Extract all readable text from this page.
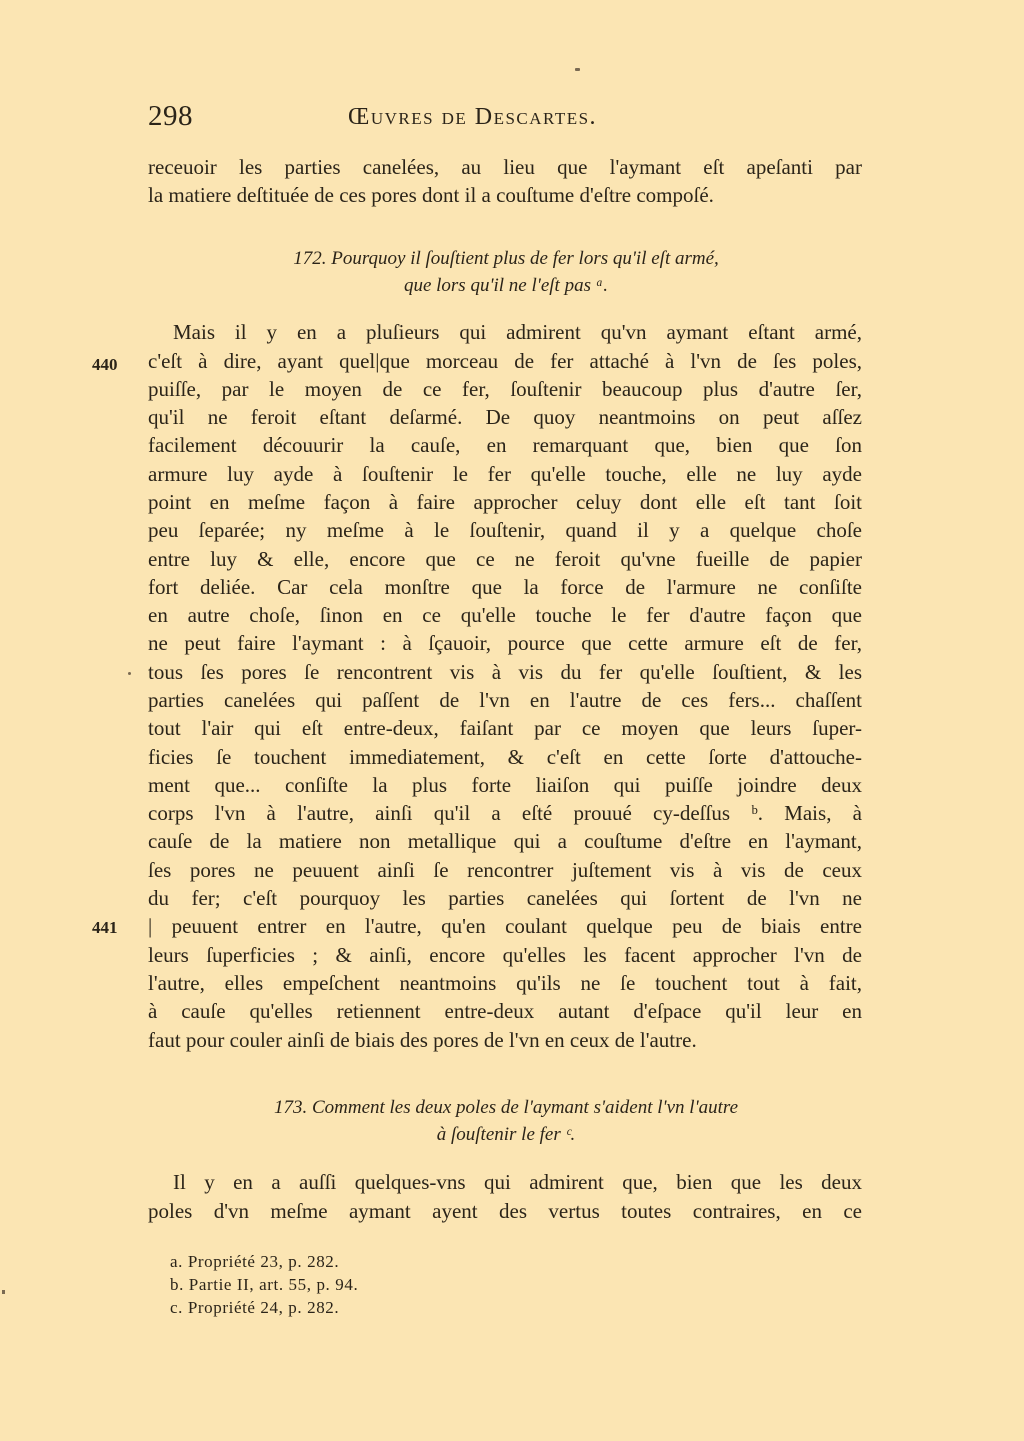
298	Œuvres de Descartes.
receuoir les parties canelées, au lieu que l'aymant eſt apeſanti par
la matiere deſtituée de ces pores dont il a couſtume d'eſtre compoſé.
172. Pourquoy il ſouſtient plus de fer lors qu'il eſt armé,
que lors qu'il ne l'eſt pas ᵃ.
Mais il y en a pluſieurs qui admirent qu'vn aymant eſtant armé,
440 c'eſt à dire, ayant quel|que morceau de fer attaché à l'vn de ſes poles,
puiſſe, par le moyen de ce fer, ſouſtenir beaucoup plus d'autre ſer,
qu'il ne feroit eſtant deſarmé. De quoy neantmoins on peut aſſez
facilement découurir la cauſe, en remarquant que, bien que ſon
armure luy ayde à ſouſtenir le fer qu'elle touche, elle ne luy ayde
point en meſme façon à faire approcher celuy dont elle eſt tant ſoit
peu ſeparée; ny meſme à le ſouſtenir, quand il y a quelque choſe
entre luy & elle, encore que ce ne feroit qu'vne fueille de papier
fort deliée. Car cela monſtre que la force de l'armure ne conſiſte
en autre choſe, ſinon en ce qu'elle touche le fer d'autre façon que
ne peut faire l'aymant : à ſçauoir, pource que cette armure eſt de fer,
tous ſes pores ſe rencontrent vis à vis du fer qu'elle ſouſtient, & les
parties canelées qui paſſent de l'vn en l'autre de ces fers... chaſſent
tout l'air qui eſt entre-deux, faiſant par ce moyen que leurs ſuper-
ficies ſe touchent immediatement, & c'eſt en cette ſorte d'attouche-
ment que... conſiſte la plus forte liaiſon qui puiſſe joindre deux
corps l'vn à l'autre, ainſi qu'il a eſté prouué cy-deſſus ᵇ. Mais, à
cauſe de la matiere non metallique qui a couſtume d'eſtre en l'aymant,
ſes pores ne peuuent ainſi ſe rencontrer juſtement vis à vis de ceux
du fer; c'eſt pourquoy les parties canelées qui ſortent de l'vn ne
441 | peuuent entrer en l'autre, qu'en coulant quelque peu de biais entre
leurs ſuperficies ; & ainſi, encore qu'elles les facent approcher l'vn de
l'autre, elles empeſchent neantmoins qu'ils ne ſe touchent tout à fait,
à cauſe qu'elles retiennent entre-deux autant d'eſpace qu'il leur en
faut pour couler ainſi de biais des pores de l'vn en ceux de l'autre.
173. Comment les deux poles de l'aymant s'aident l'vn l'autre
à ſouſtenir le fer ᶜ.
Il y en a auſſi quelques-vns qui admirent que, bien que les deux
poles d'vn meſme aymant ayent des vertus toutes contraires, en ce
a. Propriété 23, p. 282.
b. Partie II, art. 55, p. 94.
c. Propriété 24, p. 282.
